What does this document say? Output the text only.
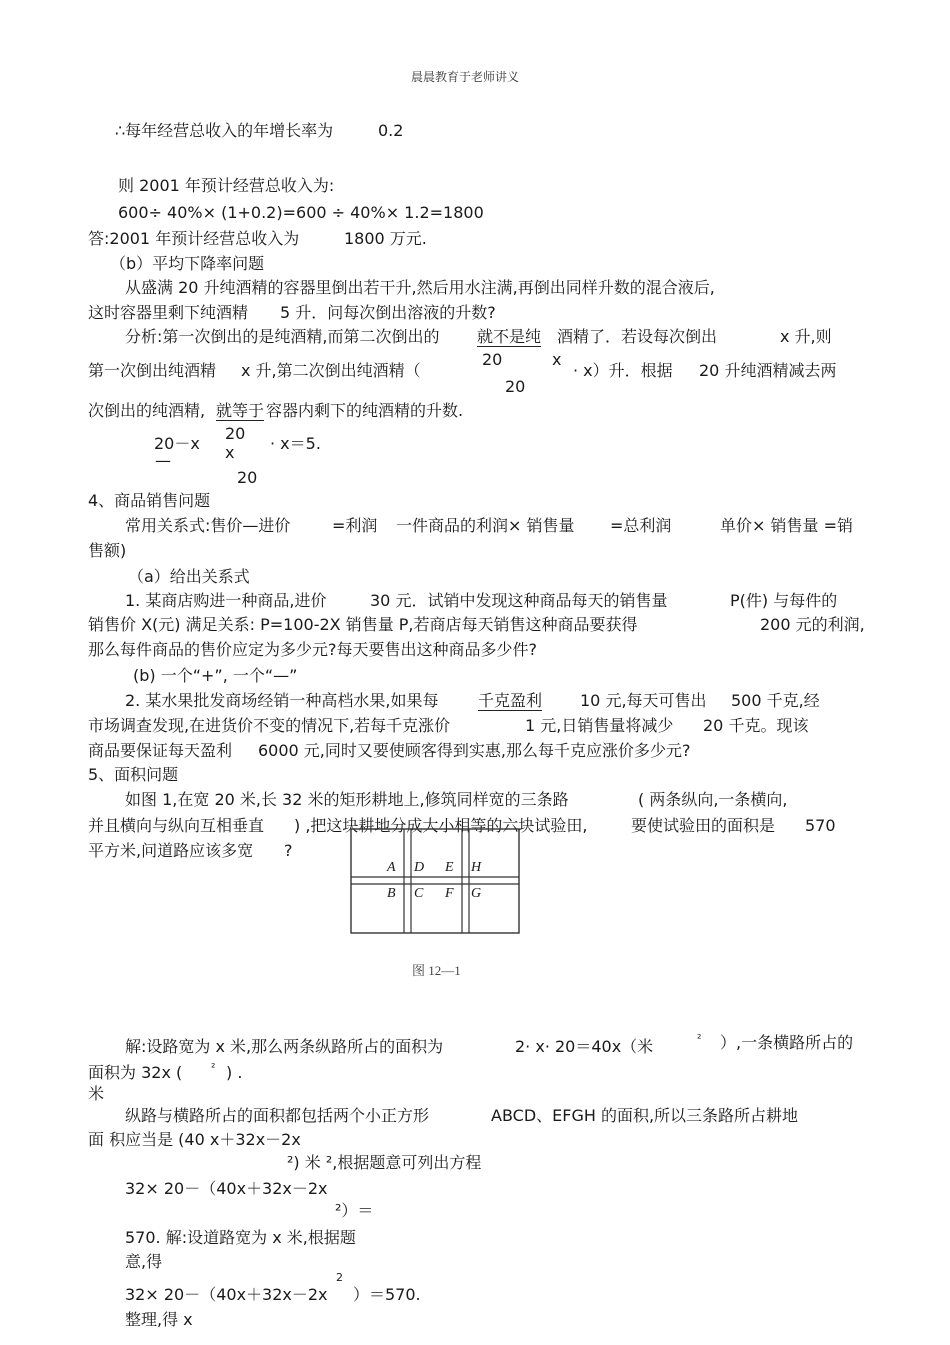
晨晨教育于老师讲义
∴每年经营总收入的年增长率为	0.2
则 2001 年预计经营总收入为:
600÷ 40%× (1+0.2)=600 ÷ 40%× 1.2=1800
答:2001 年预计经营总收入为	1800 万元.
（b）平均下降率问题
从盛满 20 升纯酒精的容器里倒出若干升,然后用水注满,再倒出同样升数的混合液后,
这时容器里剩下纯酒精 5 升．问每次倒出溶液的升数?
分析:第一次倒出的是纯酒精,而第二次倒出的 就不是纯 酒精了．若设每次倒出	x 升,则
第一次倒出纯酒精 x 升,第二次倒出纯酒精（
20	x
20
· x）升．根据 20 升纯酒精减去两
次倒出的纯酒精, 就等于 容器内剩下的纯酒精的升数.
20－x
20
x
—
20
· x＝5.
4、商品销售问题
常用关系式:售价—进价	=利润 一件商品的利润× 销售量 =总利润	单价× 销售量 =销
售额)
（a）给出关系式
1. 某商店购进一种商品,进价	30 元．试销中发现这种商品每天的销售量	P(件) 与每件的
销售价 X(元) 满足关系: P=100-2X 销售量 P,若商店每天销售这种商品要获得	200 元的利润,
那么每件商品的售价应定为多少元?每天要售出这种商品多少件?
(b) 一个“+”, 一个“—”
2. 某水果批发商场经销一种高档水果,如果每 千克盈利 10 元,每天可售出 500 千克,经
市场调查发现,在进货价不变的情况下,若每千克涨价	1 元,日销售量将减少 20 千克。现该
商品要保证每天盈利 6000 元,同时又要使顾客得到实惠,那么每千克应涨价多少元?
5、面积问题
如图 1,在宽 20 米,长 32 米的矩形耕地上,修筑同样宽的三条路	( 两条纵向,一条横向,
并且横向与纵向互相垂直 ) ,把这块耕地分成大小相等的六块试验田,	要使试验田的面积是 570
平方米,问道路应该多宽 ?
A D E H
B C F G
图 12—1
解:设路宽为 x 米,那么两条纵路所占的面积为	2· x· 20＝40x（米	² ）,一条横路所占的
面积为 32x (	² ) .
米
纵路与横路所占的面积都包括两个小正方形	ABCD、EFGH 的面积,所以三条路所占耕地
面 积应当是 (40 x＋32x－2x
²) 米 ²,根据题意可列出方程
32× 20－（40x＋32x－2x
²）＝
570. 解:设道路宽为 x 米,根据题
意,得
32× 20－（40x＋32x－2x
2
）＝570.
整理,得 x
